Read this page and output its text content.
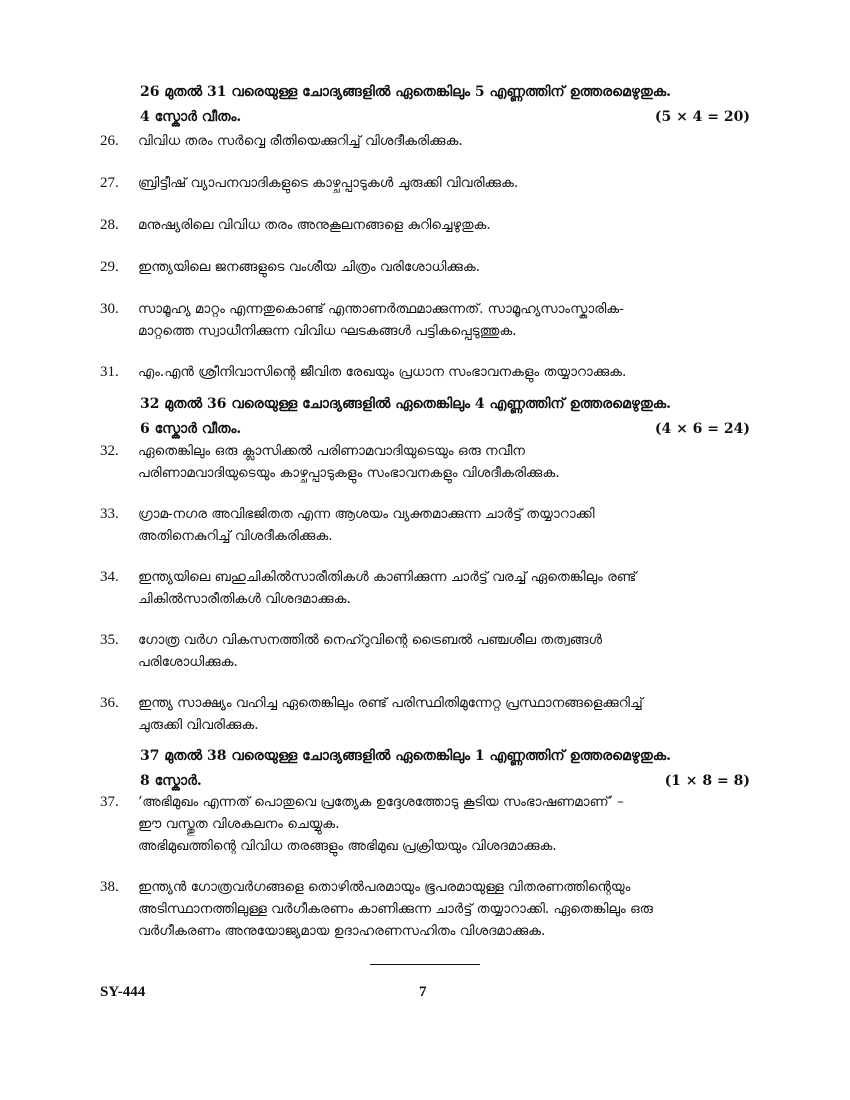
26 മുതൽ 31 വരെയുള്ള ചോദ്യങ്ങളിൽ ഏതെങ്കിലും 5 എണ്ണത്തിന് ഉത്തരമെഴുതുക.
4 സ്കോർ വീതം.	(5 × 4 = 20)
26.	വിവിധ തരം സർവ്വെ രീതിയെക്കുറിച്ച് വിശദീകരിക്കുക.
27.	ബ്രിട്ടീഷ് വ്യാപനവാദികളുടെ കാഴ്ചപ്പാടുകൾ ചുരുക്കി വിവരിക്കുക.
28.	മനുഷ്യരിലെ വിവിധ തരം അനുകൂലനങ്ങളെ കുറിച്ചെഴുതുക.
29.	ഇന്ത്യയിലെ ജനങ്ങളുടെ വംശീയ ചിത്രം വരിശോധിക്കുക.
30.	സാമൂഹ്യ മാറ്റം എന്നതുകൊണ്ട് എന്താണർത്ഥമാക്കുന്നത്. സാമൂഹ്യസാംസ്കാരിക-
മാറ്റത്തെ സ്വാധീനിക്കുന്ന വിവിധ ഘടകങ്ങൾ പട്ടികപ്പെടുത്തുക.
31.	എം.എൻ ശ്രീനിവാസിന്റെ ജീവിത രേഖയും പ്രധാന സംഭാവനകളും തയ്യാറാക്കുക.
32 മുതൽ 36 വരെയുള്ള ചോദ്യങ്ങളിൽ ഏതെങ്കിലും 4 എണ്ണത്തിന് ഉത്തരമെഴുതുക.
6 സ്കോർ വീതം.	(4 × 6 = 24)
32.	ഏതെങ്കിലും ഒരു ക്ലാസിക്കൽ പരിണാമവാദിയുടെയും ഒരു നവീന
പരിണാമവാദിയുടെയും കാഴ്ചപ്പാടുകളും സംഭാവനകളും വിശദീകരിക്കുക.
33.	ഗ്രാമ-നഗര അവിഭജിതത എന്ന ആശയം വ്യക്തമാക്കുന്ന ചാർട്ട് തയ്യാറാക്കി
അതിനെകുറിച്ച് വിശദീകരിക്കുക.
34.	ഇന്ത്യയിലെ ബഹുചികിൽസാരീതികൾ കാണിക്കുന്ന ചാർട്ട് വരച്ച് ഏതെങ്കിലും രണ്ട്
ചികിൽസാരീതികൾ വിശദമാക്കുക.
35.	ഗോത്ര വർഗ വികസനത്തിൽ നെഹ്റുവിന്റെ ട്രൈബൽ പഞ്ചശീല തത്വങ്ങൾ
പരിശോധിക്കുക.
36.	ഇന്ത്യ സാക്ഷ്യം വഹിച്ച ഏതെങ്കിലും രണ്ട് പരിസ്ഥിതിമുന്നേറ്റ പ്രസ്ഥാനങ്ങളെക്കുറിച്ച്
ചുരുക്കി വിവരിക്കുക.
37 മുതൽ 38 വരെയുള്ള ചോദ്യങ്ങളിൽ ഏതെങ്കിലും 1 എണ്ണത്തിന് ഉത്തരമെഴുതുക.
8 സ്കോർ.	(1 × 8 = 8)
37.	‘അഭിമുഖം എന്നത് പൊതുവെ പ്രത്യേക ഉദ്ദേശത്തോടു കൂടിയ സംഭാഷണമാണ്’ –
ഈ വസ്തുത വിശകലനം ചെയ്യുക.
അഭിമുഖത്തിന്റെ വിവിധ തരങ്ങളും അഭിമുഖ പ്രക്രിയയും വിശദമാക്കുക.
38.	ഇന്ത്യൻ ഗോത്രവർഗങ്ങളെ തൊഴിൽപരമായും ഭൂപരമായുള്ള വിതരണത്തിന്റെയും
അടിസ്ഥാനത്തിലുള്ള വർഗീകരണം കാണിക്കുന്ന ചാർട്ട് തയ്യാറാക്കി. ഏതെങ്കിലും ഒരു
വർഗീകരണം അനുയോജ്യമായ ഉദാഹരണസഹിതം വിശദമാക്കുക.
SY-444	7
